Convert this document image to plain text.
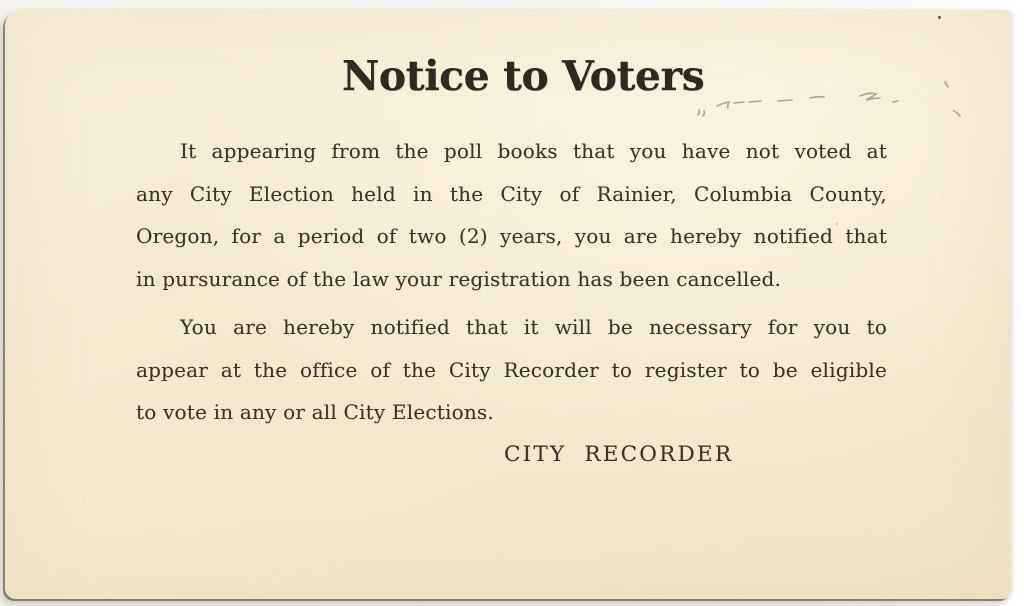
Notice to Voters
It appearing from the poll books that you have not voted at
any City Election held in the City of Rainier, Columbia County,
Oregon, for a period of two (2) years, you are hereby notified that
in pursurance of the law your registration has been cancelled.
You are hereby notified that it will be necessary for you to
appear at the office of the City Recorder to register to be eligible
to vote in any or all City Elections.
CITY  RECORDER
